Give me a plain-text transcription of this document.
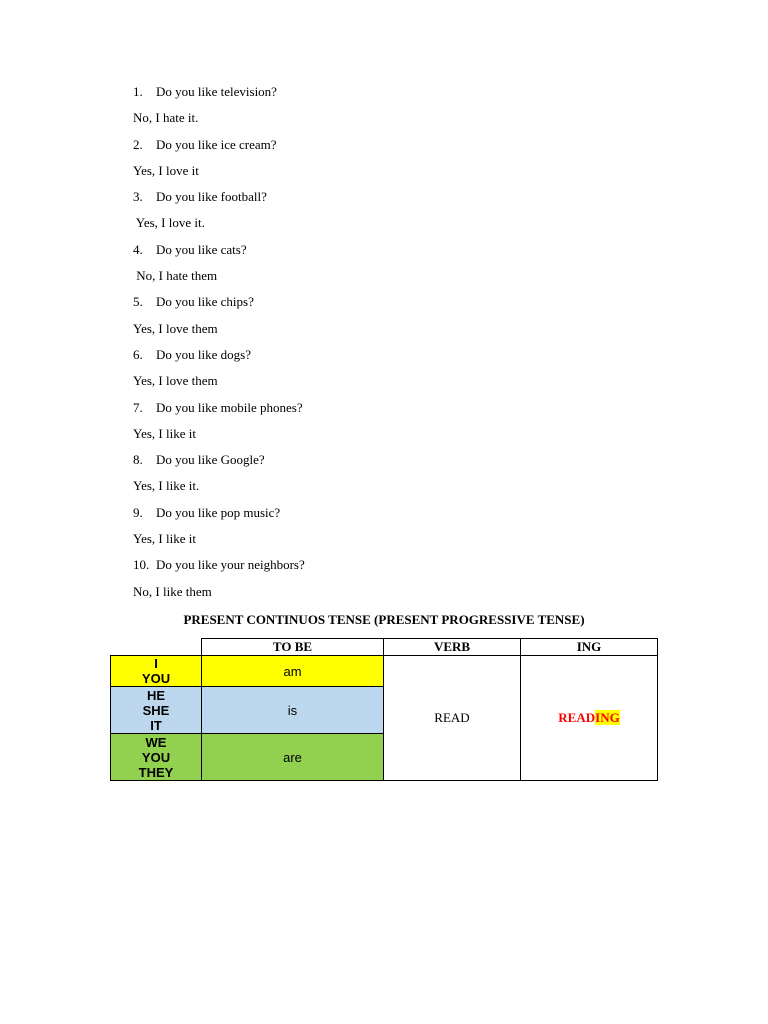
1. Do you like television?
No, I hate it.
2. Do you like ice cream?
Yes, I love it
3. Do you like football?
Yes, I love it.
4. Do you like cats?
No, I hate them
5. Do you like chips?
Yes, I love them
6. Do you like dogs?
Yes, I love them
7. Do you like mobile phones?
Yes, I like it
8. Do you like Google?
Yes, I like it.
9. Do you like pop music?
Yes, I like it
10. Do you like your neighbors?
No, I like them
PRESENT CONTINUOS TENSE (PRESENT PROGRESSIVE TENSE)
	TO BE	VERB	ING

I
YOU	am	READ	READING

HE
SHE
IT	is		

WE
YOU
THEY	are		
